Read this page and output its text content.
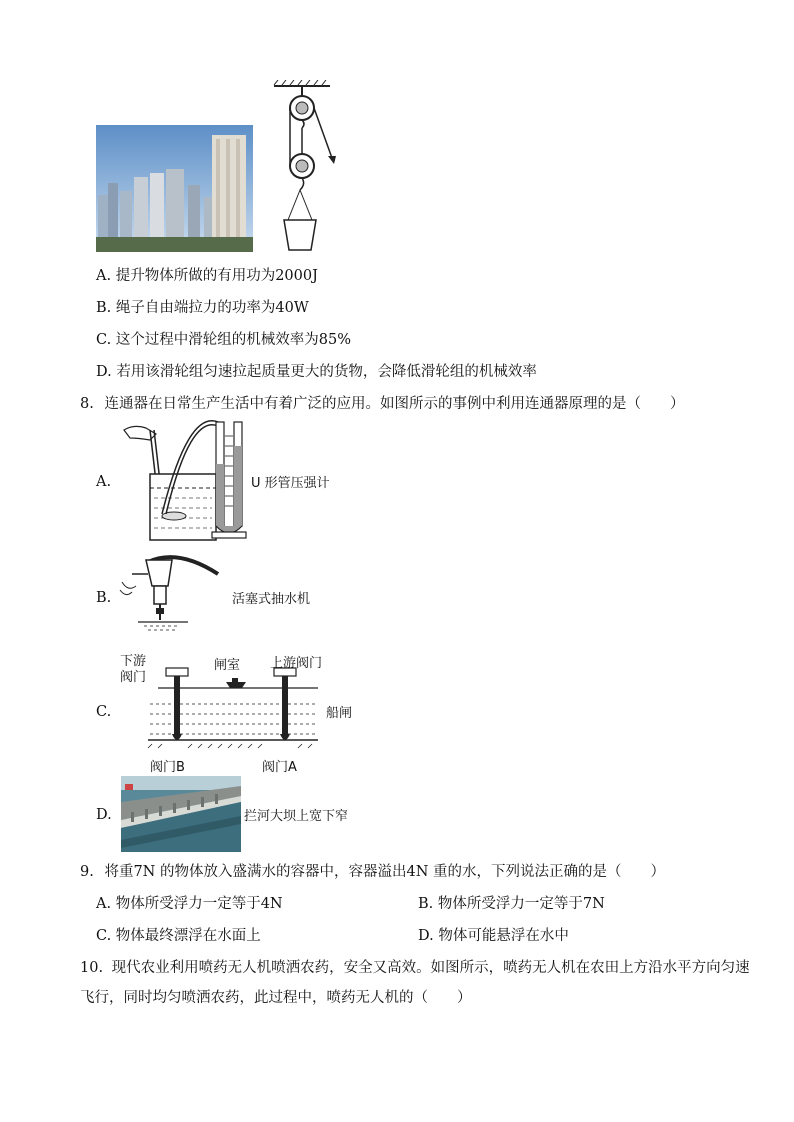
A. 提升物体所做的有用功为2000J
B. 绳子自由端拉力的功率为40W
C. 这个过程中滑轮组的机械效率为85%
D. 若用该滑轮组匀速拉起质量更大的货物，会降低滑轮组的机械效率
8. 连通器在日常生产生活中有着广泛的应用。如图所示的事例中利用连通器原理的是（　　）
A.	U 形管压强计
B.	活塞式抽水机
C.
下游
阀门
闸室 上游阀门
阀门B	阀门A
船闸
D.	拦河大坝上宽下窄
9. 将重7N 的物体放入盛满水的容器中，容器溢出4N 重的水，下列说法正确的是（　　）
A. 物体所受浮力一定等于4N	B. 物体所受浮力一定等于7N
C. 物体最终漂浮在水面上	D. 物体可能悬浮在水中
10. 现代农业利用喷药无人机喷洒农药，安全又高效。如图所示，喷药无人机在农田上方沿水平方向匀速
飞行，同时均匀喷洒农药，此过程中，喷药无人机的（　　）
